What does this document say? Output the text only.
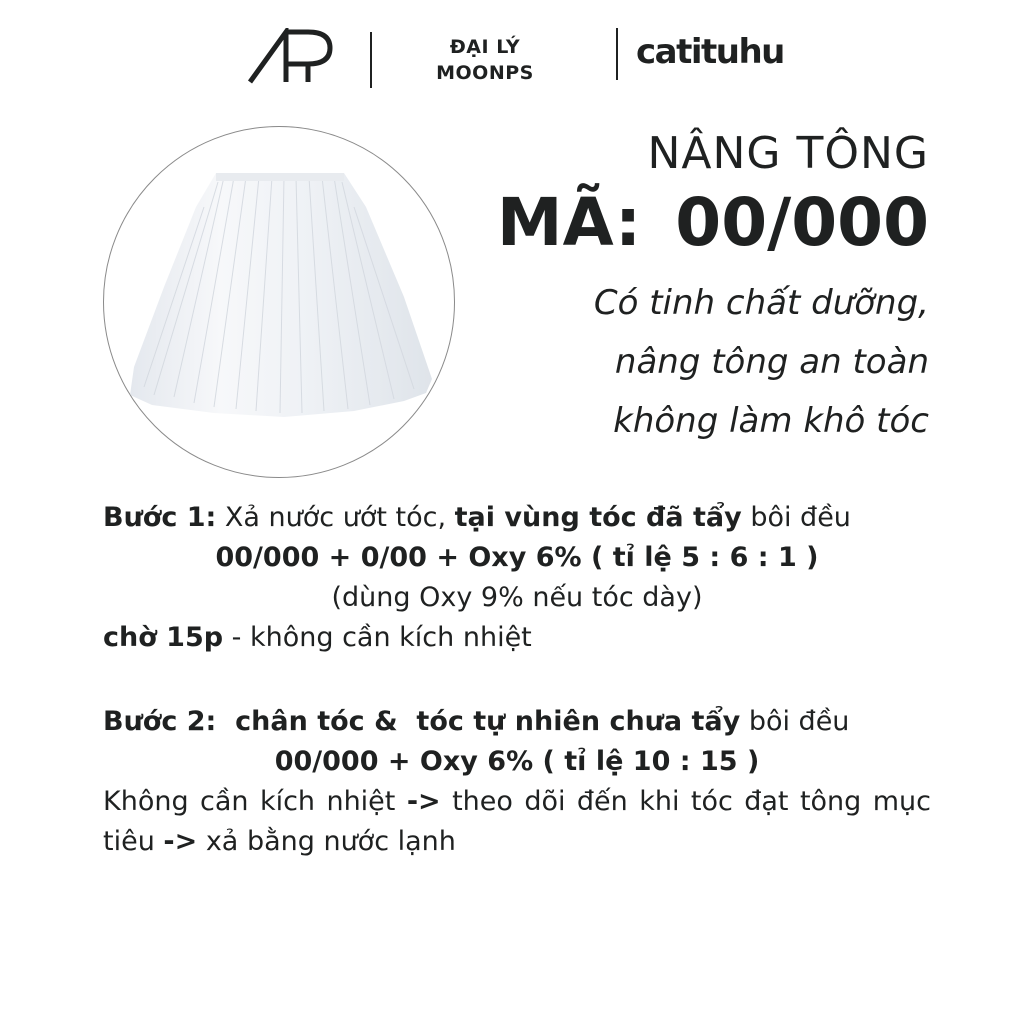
AP
ĐẠI LÝ
MOONPS
catituhu
NÂNG TÔNG
MÃ: 00/000
Có tinh chất dưỡng,
nâng tông an toàn
không làm khô tóc
Bước 1: Xả nước ướt tóc, tại vùng tóc đã tẩy bôi đều
00/000 + 0/00 + Oxy 6% ( tỉ lệ 5 : 6 : 1 )
(dùng Oxy 9% nếu tóc dày)
chờ 15p - không cần kích nhiệt
Bước 2:  chân tóc &  tóc tự nhiên chưa tẩy bôi đều
00/000 + Oxy 6% ( tỉ lệ 10 : 15 )
Không cần kích nhiệt -> theo dõi đến khi tóc đạt tông mục tiêu -> xả bằng nước lạnh
